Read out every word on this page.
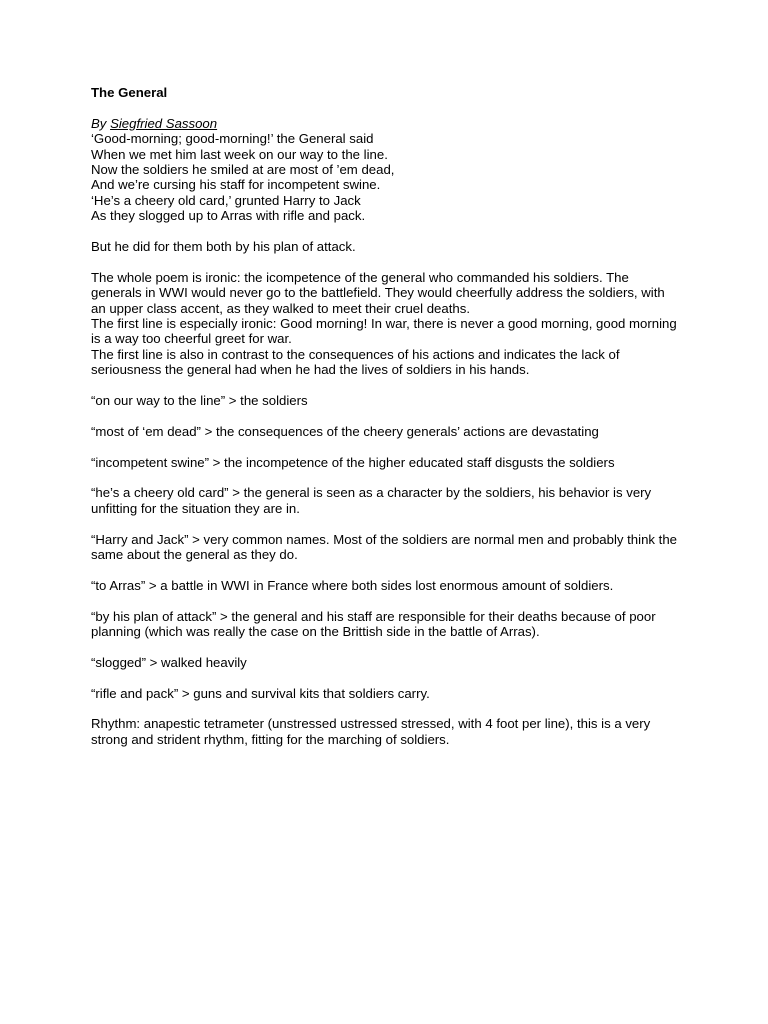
The General

By Siegfried Sassoon

‘Good-morning; good-morning!’ the General said

When we met him last week on our way to the line.

Now the soldiers he smiled at are most of ’em dead,

And we’re cursing his staff for incompetent swine.

‘He’s a cheery old card,’ grunted Harry to Jack

As they slogged up to Arras with rifle and pack.

But he did for them both by his plan of attack.

The whole poem is ironic: the icompetence of the general who commanded his soldiers. The generals in WWI would never go to the battlefield. They would cheerfully address the soldiers, with an upper class accent, as they walked to meet their cruel deaths.

The first line is especially ironic: Good morning! In war, there is never a good morning, good morning is a way too cheerful greet for war.

The first line is also in contrast to the consequences of his actions and indicates the lack of seriousness the general had when he had the lives of soldiers in his hands.

“on our way to the line” > the soldiers

“most of ‘em dead” > the consequences of the cheery generals’ actions are devastating

“incompetent swine” > the incompetence of the higher educated staff disgusts the soldiers

“he’s a cheery old card” > the general is seen as a character by the soldiers, his behavior is very unfitting for the situation they are in.

“Harry and Jack” > very common names. Most of the soldiers are normal men and probably think the same about the general as they do.

“to Arras” > a battle in WWI in France where both sides lost enormous amount of soldiers.

“by his plan of attack” > the general and his staff are responsible for their deaths because of poor planning (which was really the case on the Brittish side in the battle of Arras).

“slogged” > walked heavily

“rifle and pack” > guns and survival kits that soldiers carry.

Rhythm: anapestic tetrameter (unstressed ustressed stressed, with 4 foot per line), this is a very strong and strident rhythm, fitting for the marching of soldiers.
